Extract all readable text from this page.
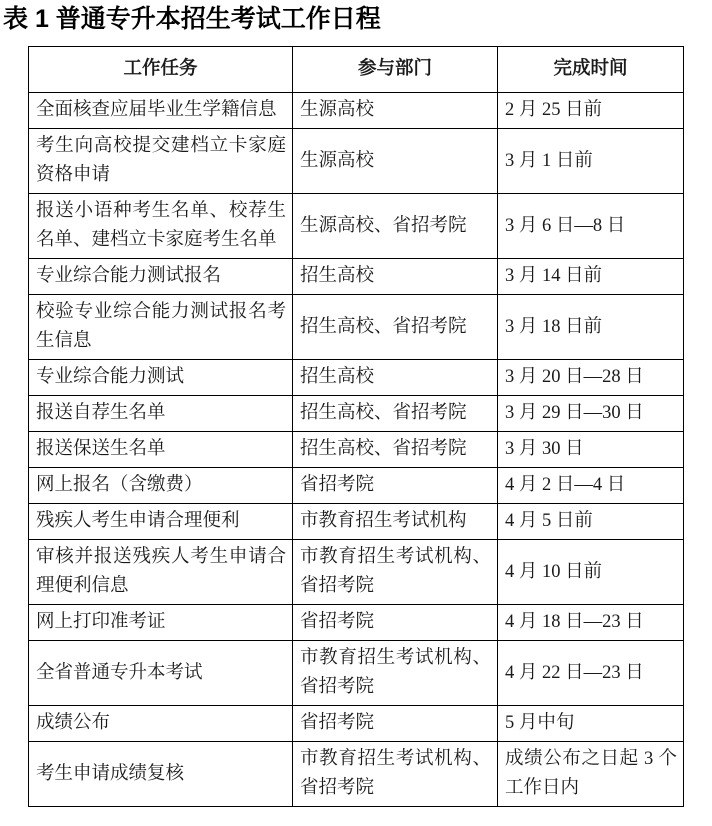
表 1 普通专升本招生考试工作日程
工作任务	参与部门	完成时间
全面核查应届毕业生学籍信息	生源高校	2 月 25 日前
考生向高校提交建档立卡家庭资格申请	生源高校	3 月 1 日前
报送小语种考生名单、校荐生名单、建档立卡家庭考生名单	生源高校、省招考院	3 月 6 日—8 日
专业综合能力测试报名	招生高校	3 月 14 日前
校验专业综合能力测试报名考生信息	招生高校、省招考院	3 月 18 日前
专业综合能力测试	招生高校	3 月 20 日—28 日
报送自荐生名单	招生高校、省招考院	3 月 29 日—30 日
报送保送生名单	招生高校、省招考院	3 月 30 日
网上报名（含缴费）	省招考院	4 月 2 日—4 日
残疾人考生申请合理便利	市教育招生考试机构	4 月 5 日前
审核并报送残疾人考生申请合理便利信息	市教育招生考试机构、省招考院	4 月 10 日前
网上打印准考证	省招考院	4 月 18 日—23 日
全省普通专升本考试	市教育招生考试机构、省招考院	4 月 22 日—23 日
成绩公布	省招考院	5 月中旬
考生申请成绩复核	市教育招生考试机构、省招考院	成绩公布之日起 3 个工作日内
